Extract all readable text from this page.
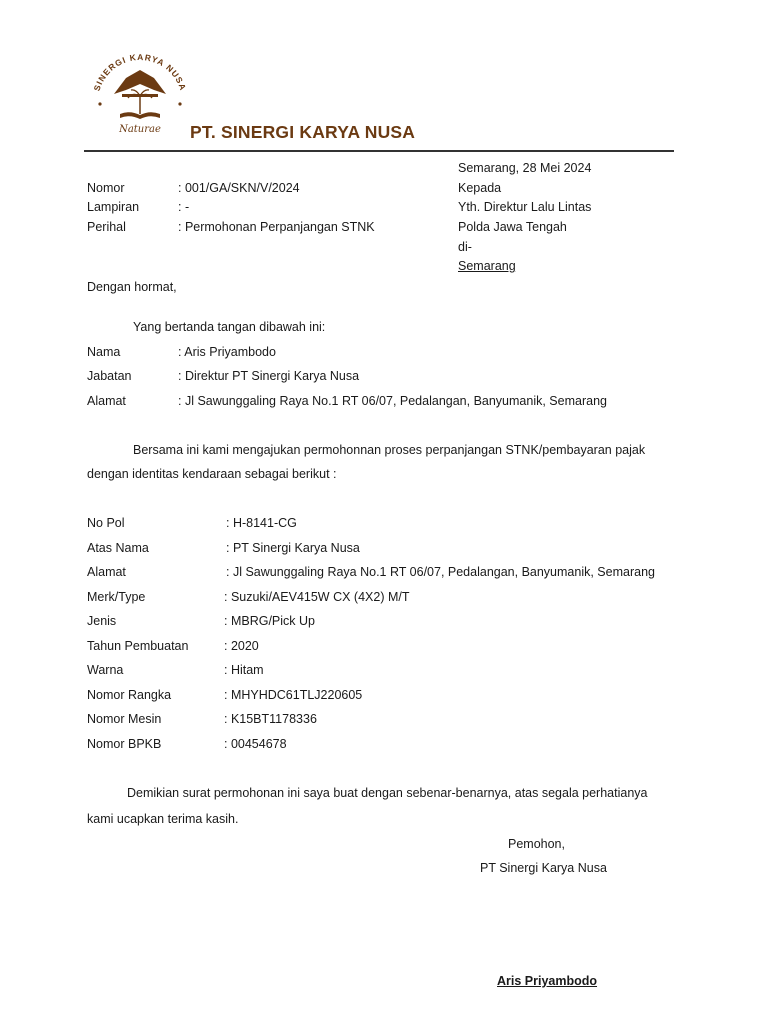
SINERGI KARYA NUSA
Naturae PT. SINERGI KARYA NUSA
Semarang, 28 Mei 2024
Kepada
Yth. Direktur Lalu Lintas
Polda Jawa Tengah
di-
Semarang
Nomor	: 001/GA/SKN/V/2024
Lampiran	: -
Perihal	: Permohonan Perpanjangan STNK
Dengan hormat,
Yang bertanda tangan dibawah ini:
Nama	: Aris Priyambodo
Jabatan	: Direktur PT Sinergi Karya Nusa
Alamat	: Jl Sawunggaling Raya No.1 RT 06/07, Pedalangan, Banyumanik, Semarang
Bersama ini kami mengajukan permohonnan proses perpanjangan STNK/pembayaran pajak
dengan identitas kendaraan sebagai berikut :
No Pol	: H-8141-CG
Atas Nama	: PT Sinergi Karya Nusa
Alamat	: Jl Sawunggaling Raya No.1 RT 06/07, Pedalangan, Banyumanik, Semarang
Merk/Type	: Suzuki/AEV415W CX (4X2) M/T
Jenis	: MBRG/Pick Up
Tahun Pembuatan	: 2020
Warna	: Hitam
Nomor Rangka	: MHYHDC61TLJ220605
Nomor Mesin	: K15BT1178336
Nomor BPKB	: 00454678
Demikian surat permohonan ini saya buat dengan sebenar-benarnya, atas segala perhatianya
kami ucapkan terima kasih.
Pemohon,
PT Sinergi Karya Nusa
Aris Priyambodo
